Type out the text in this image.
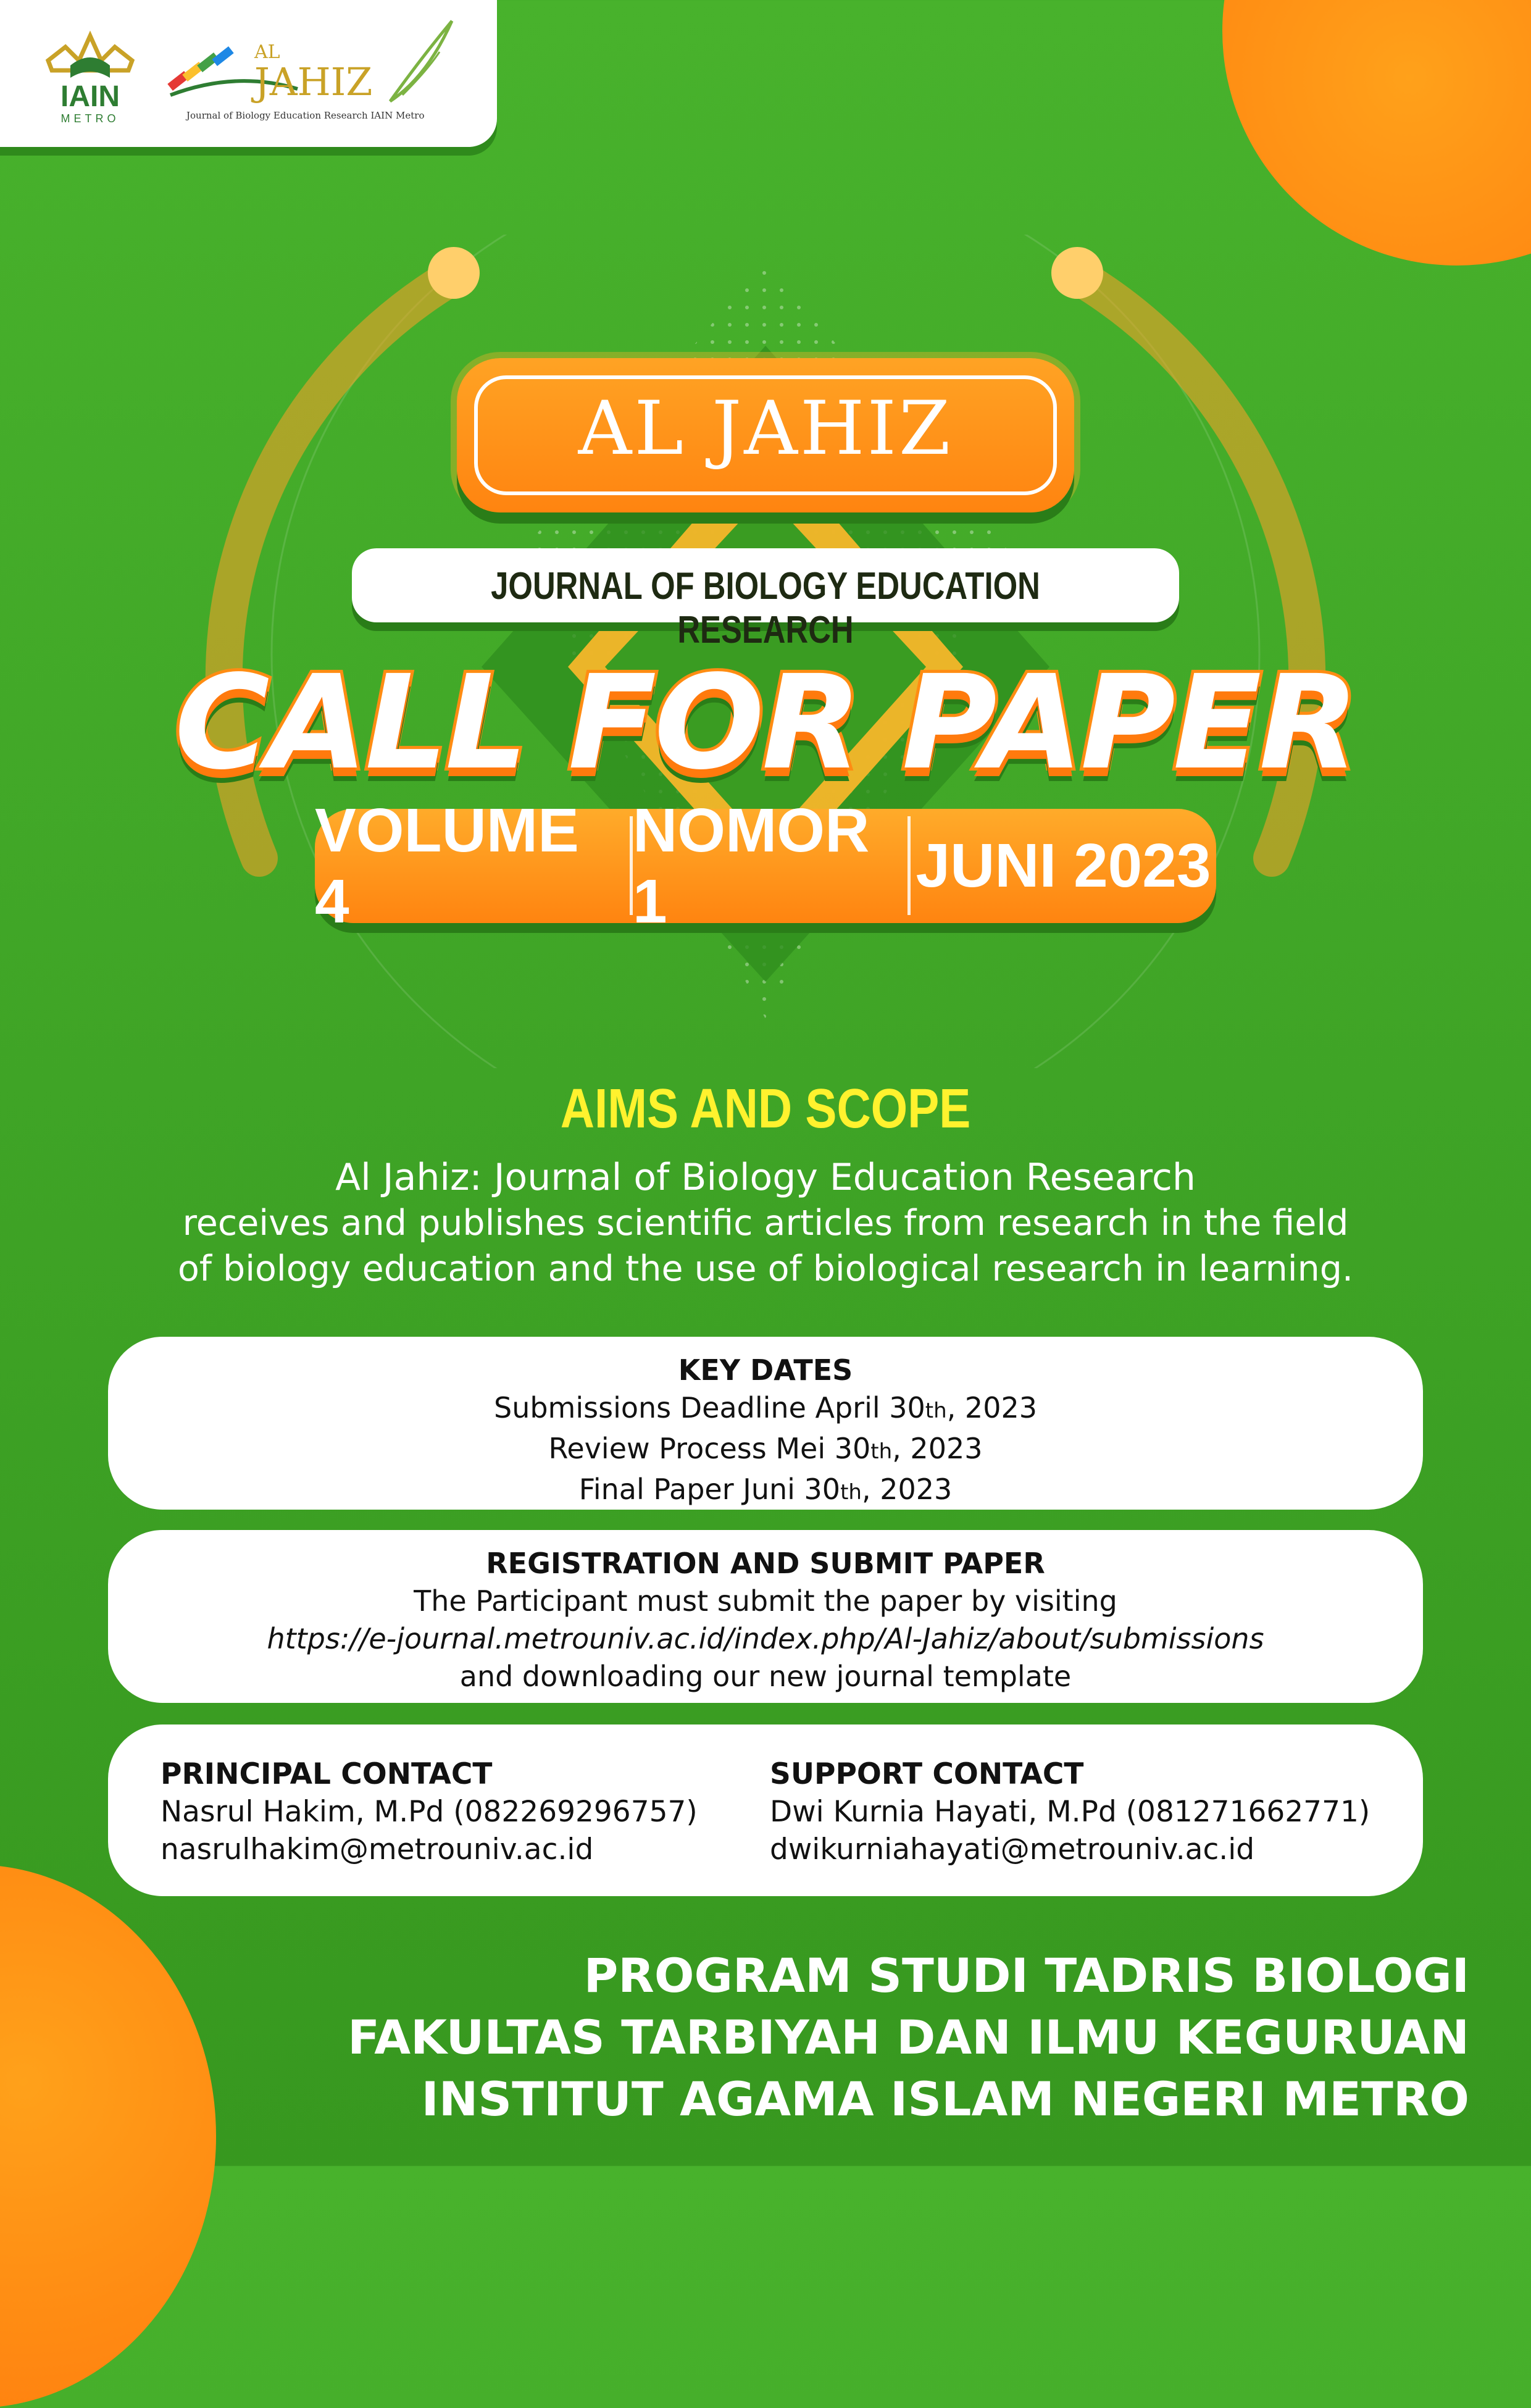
IAIN
METRO
AL
JAHIZ
Journal of Biology Education Research IAIN Metro
AL JAHIZ
JOURNAL OF BIOLOGY EDUCATION RESEARCH
CALL FOR PAPER
VOLUME 4
NOMOR 1
JUNI 2023
AIMS AND SCOPE
Al Jahiz: Journal of Biology Education Research
receives and publishes scientific articles from research in the field
of biology education and the use of biological research in learning.
KEY DATES
Submissions Deadline April 30th, 2023
Review Process Mei 30th, 2023
Final Paper Juni 30th, 2023
REGISTRATION AND SUBMIT PAPER
The Participant must submit the paper by visiting
https://e-journal.metrouniv.ac.id/index.php/Al-Jahiz/about/submissions
and downloading our new journal template
PRINCIPAL CONTACT
Nasrul Hakim, M.Pd (082269296757)
nasrulhakim@metrouniv.ac.id
SUPPORT CONTACT
Dwi Kurnia Hayati, M.Pd (081271662771)
dwikurniahayati@metrouniv.ac.id
PROGRAM STUDI TADRIS BIOLOGI
FAKULTAS TARBIYAH DAN ILMU KEGURUAN
INSTITUT AGAMA ISLAM NEGERI METRO
